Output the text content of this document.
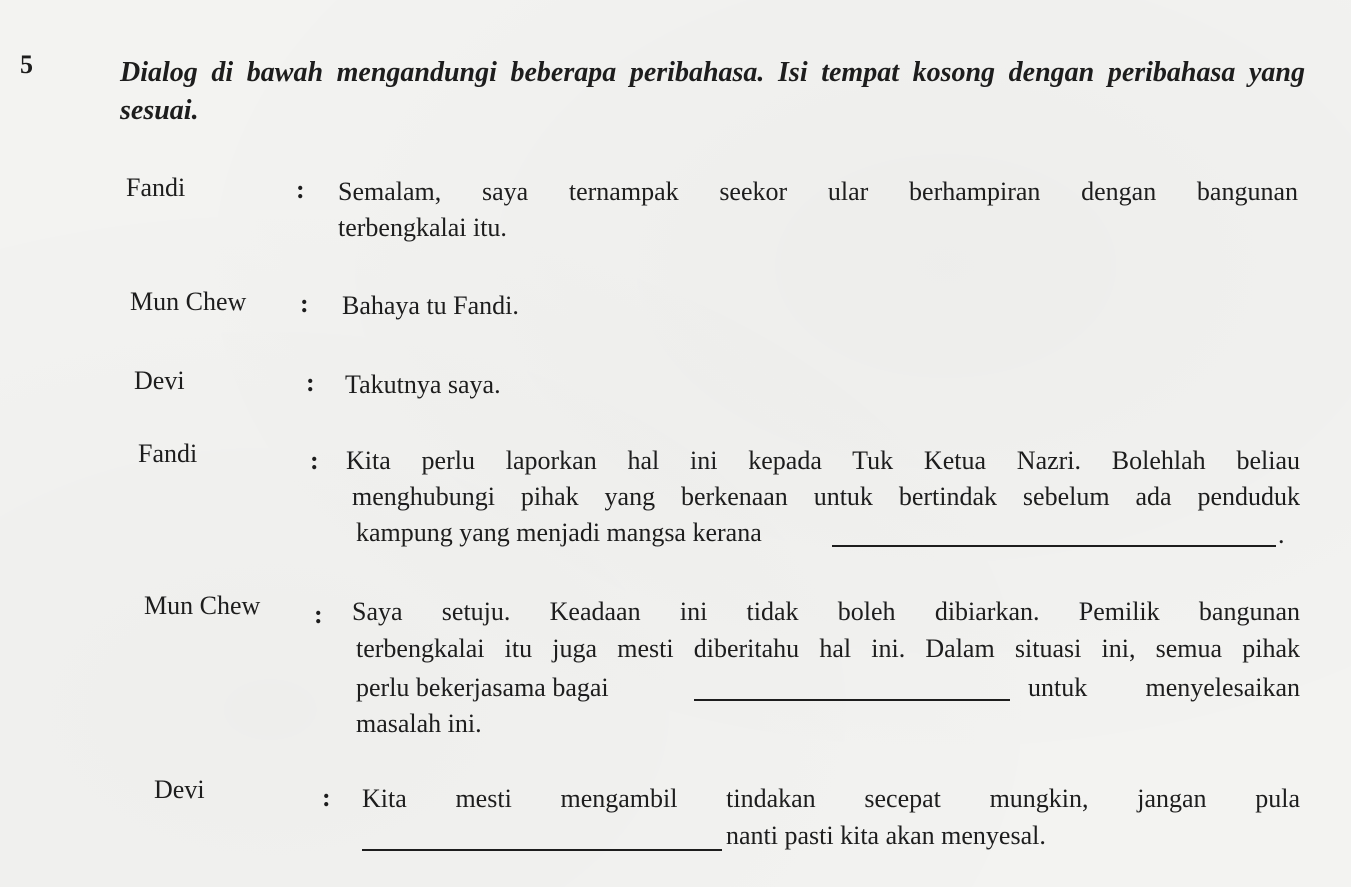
5	Dialog di bawah mengandungi beberapa peribahasa. Isi tempat kosong dengan peribahasa yang sesuai.
Fandi	: Semalam, saya ternampak seekor ular berhampiran dengan bangunan
terbengkalai itu.
Mun Chew : Bahaya tu Fandi.
Devi	: Takutnya saya.
Fandi	: Kita perlu laporkan hal ini kepada Tuk Ketua Nazri. Bolehlah beliau
menghubungi pihak yang berkenaan untuk bertindak sebelum ada penduduk
kampung yang menjadi mangsa kerana	.
Mun Chew : Saya setuju. Keadaan ini tidak boleh dibiarkan. Pemilik bangunan
terbengkalai itu juga mesti diberitahu hal ini. Dalam situasi ini, semua pihak
perlu bekerjasama bagai	untuk menyelesaikan
masalah ini.
Devi	: Kita mesti mengambil tindakan secepat mungkin, jangan pula
nanti pasti kita akan menyesal.
